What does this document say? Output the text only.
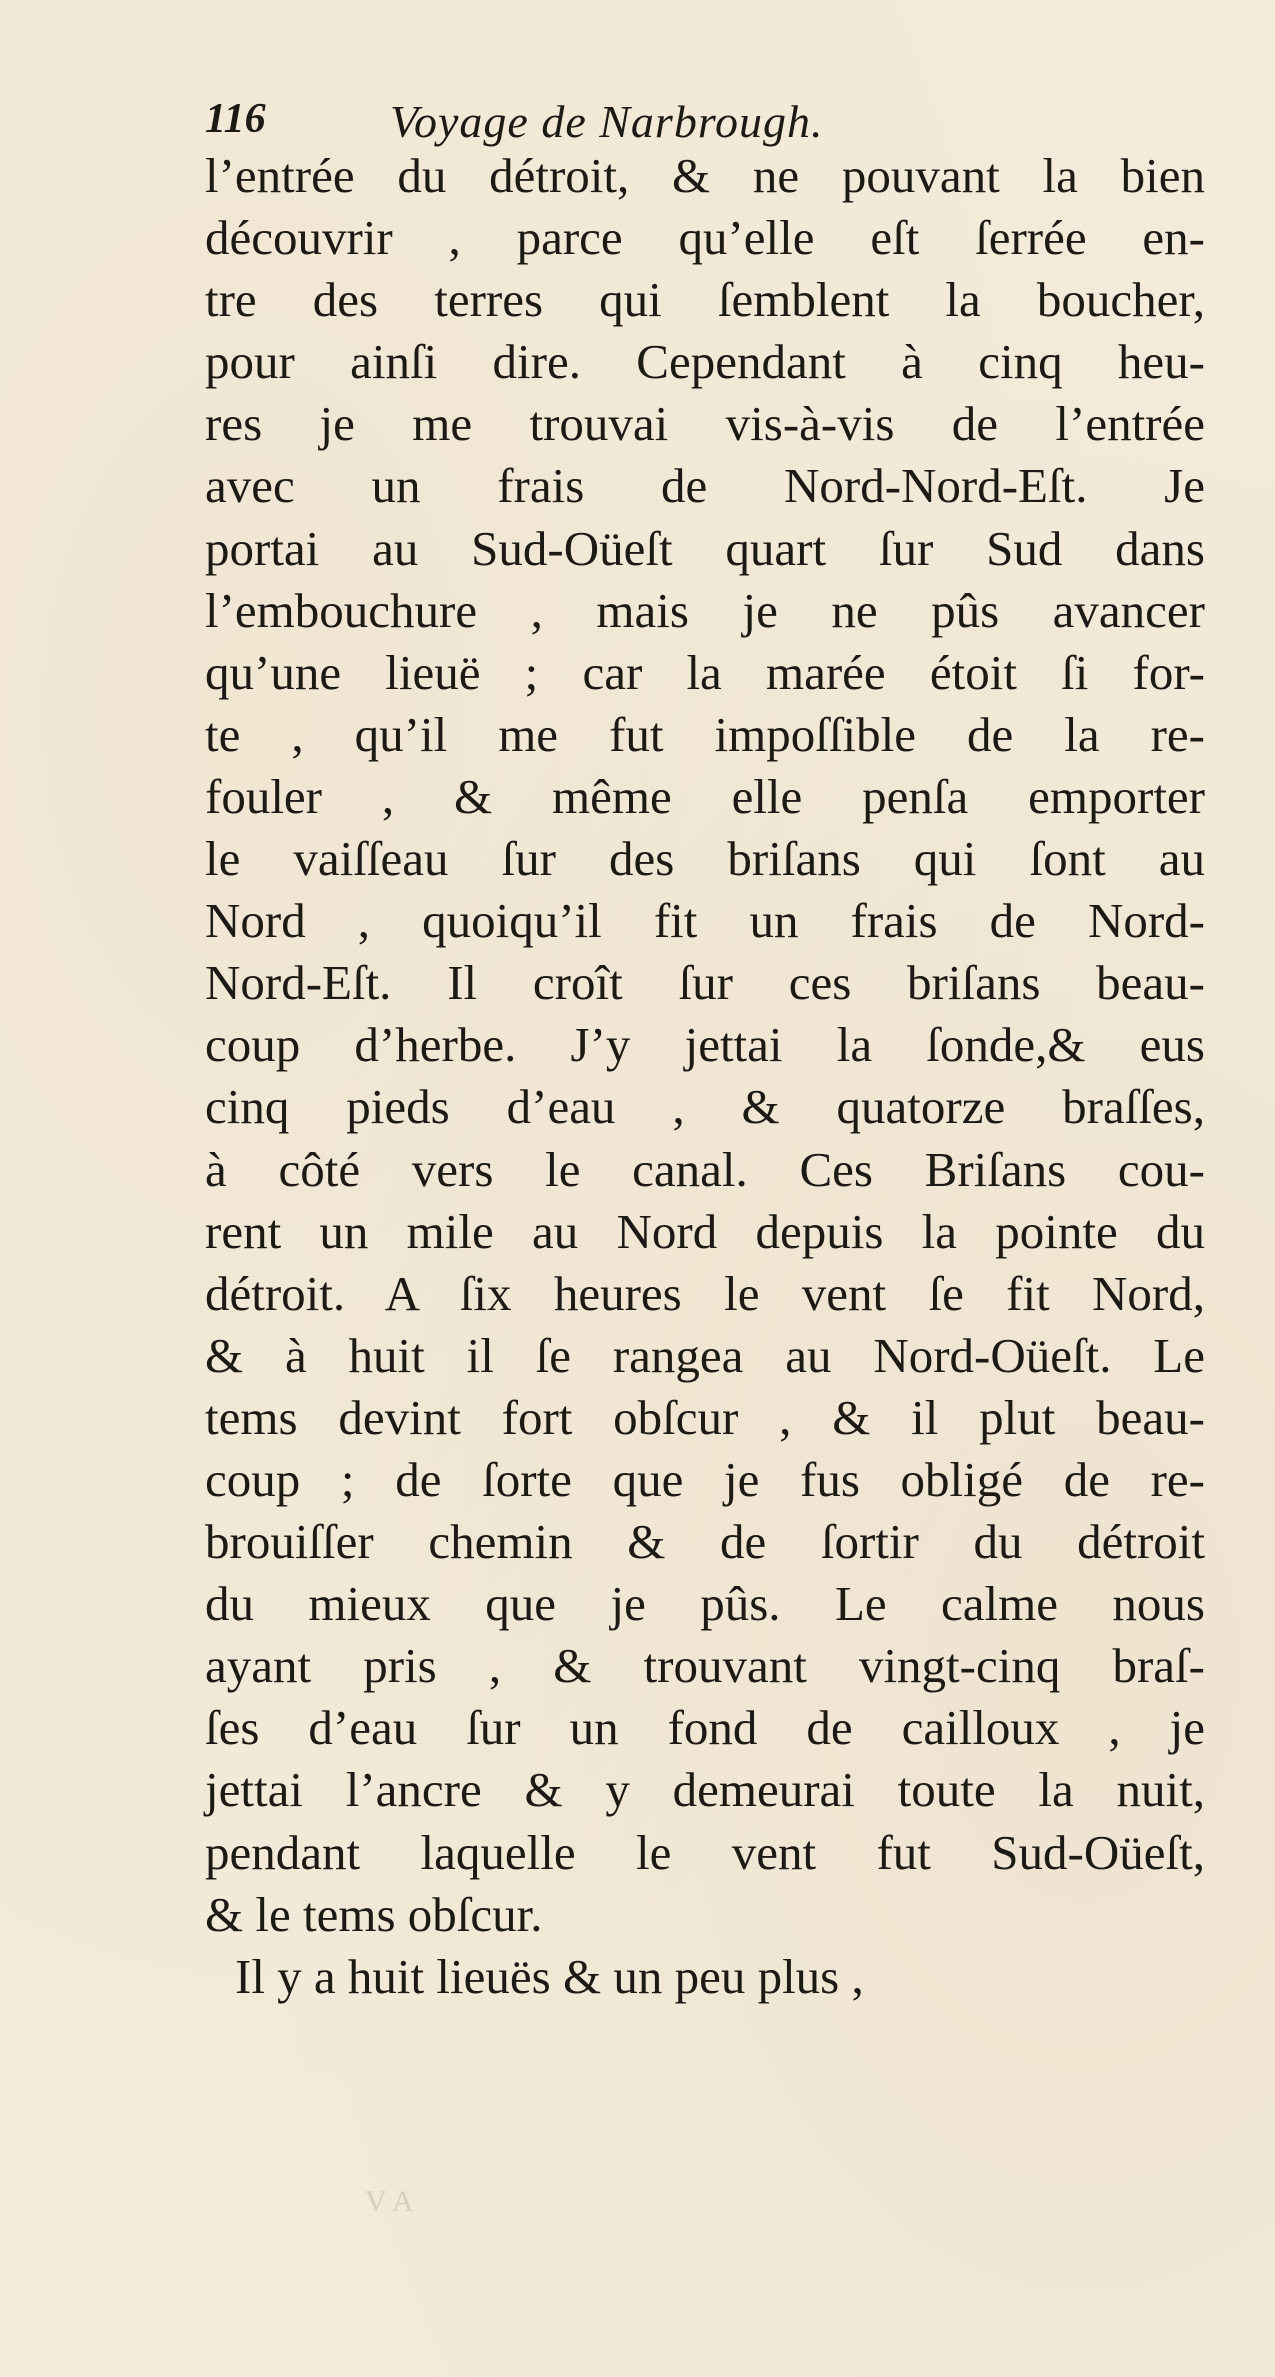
116	Voyage de Narbrough.
l’entrée du détroit, & ne pouvant la bien
découvrir , parce qu’elle eſt ſerrée en-
tre des terres qui ſemblent la boucher,
pour ainſi dire. Cependant à cinq heu-
res je me trouvai vis-à-vis de l’entrée
avec un frais de Nord-Nord-Eſt. Je
portai au Sud-Oüeſt quart ſur Sud dans
l’embouchure , mais je ne pûs avancer
qu’une lieuë ; car la marée étoit ſi for-
te , qu’il me fut impoſſible de la re-
fouler , & même elle penſa emporter
le vaiſſeau ſur des briſans qui ſont au
Nord , quoiqu’il fit un frais de Nord-
Nord-Eſt. Il croît ſur ces briſans beau-
coup d’herbe. J’y jettai la ſonde,& eus
cinq pieds d’eau , & quatorze braſſes,
à côté vers le canal. Ces Briſans cou-
rent un mile au Nord depuis la pointe du
détroit. A ſix heures le vent ſe fit Nord,
& à huit il ſe rangea au Nord-Oüeſt. Le
tems devint fort obſcur , & il plut beau-
coup ; de ſorte que je fus obligé de re-
brouiſſer chemin & de ſortir du détroit
du mieux que je pûs. Le calme nous
ayant pris , & trouvant vingt-cinq braſ-
ſes d’eau ſur un fond de cailloux , je
jettai l’ancre & y demeurai toute la nuit,
pendant laquelle le vent fut Sud-Oüeſt,
& le tems obſcur.
Il y a huit lieuës & un peu plus ,
V A
